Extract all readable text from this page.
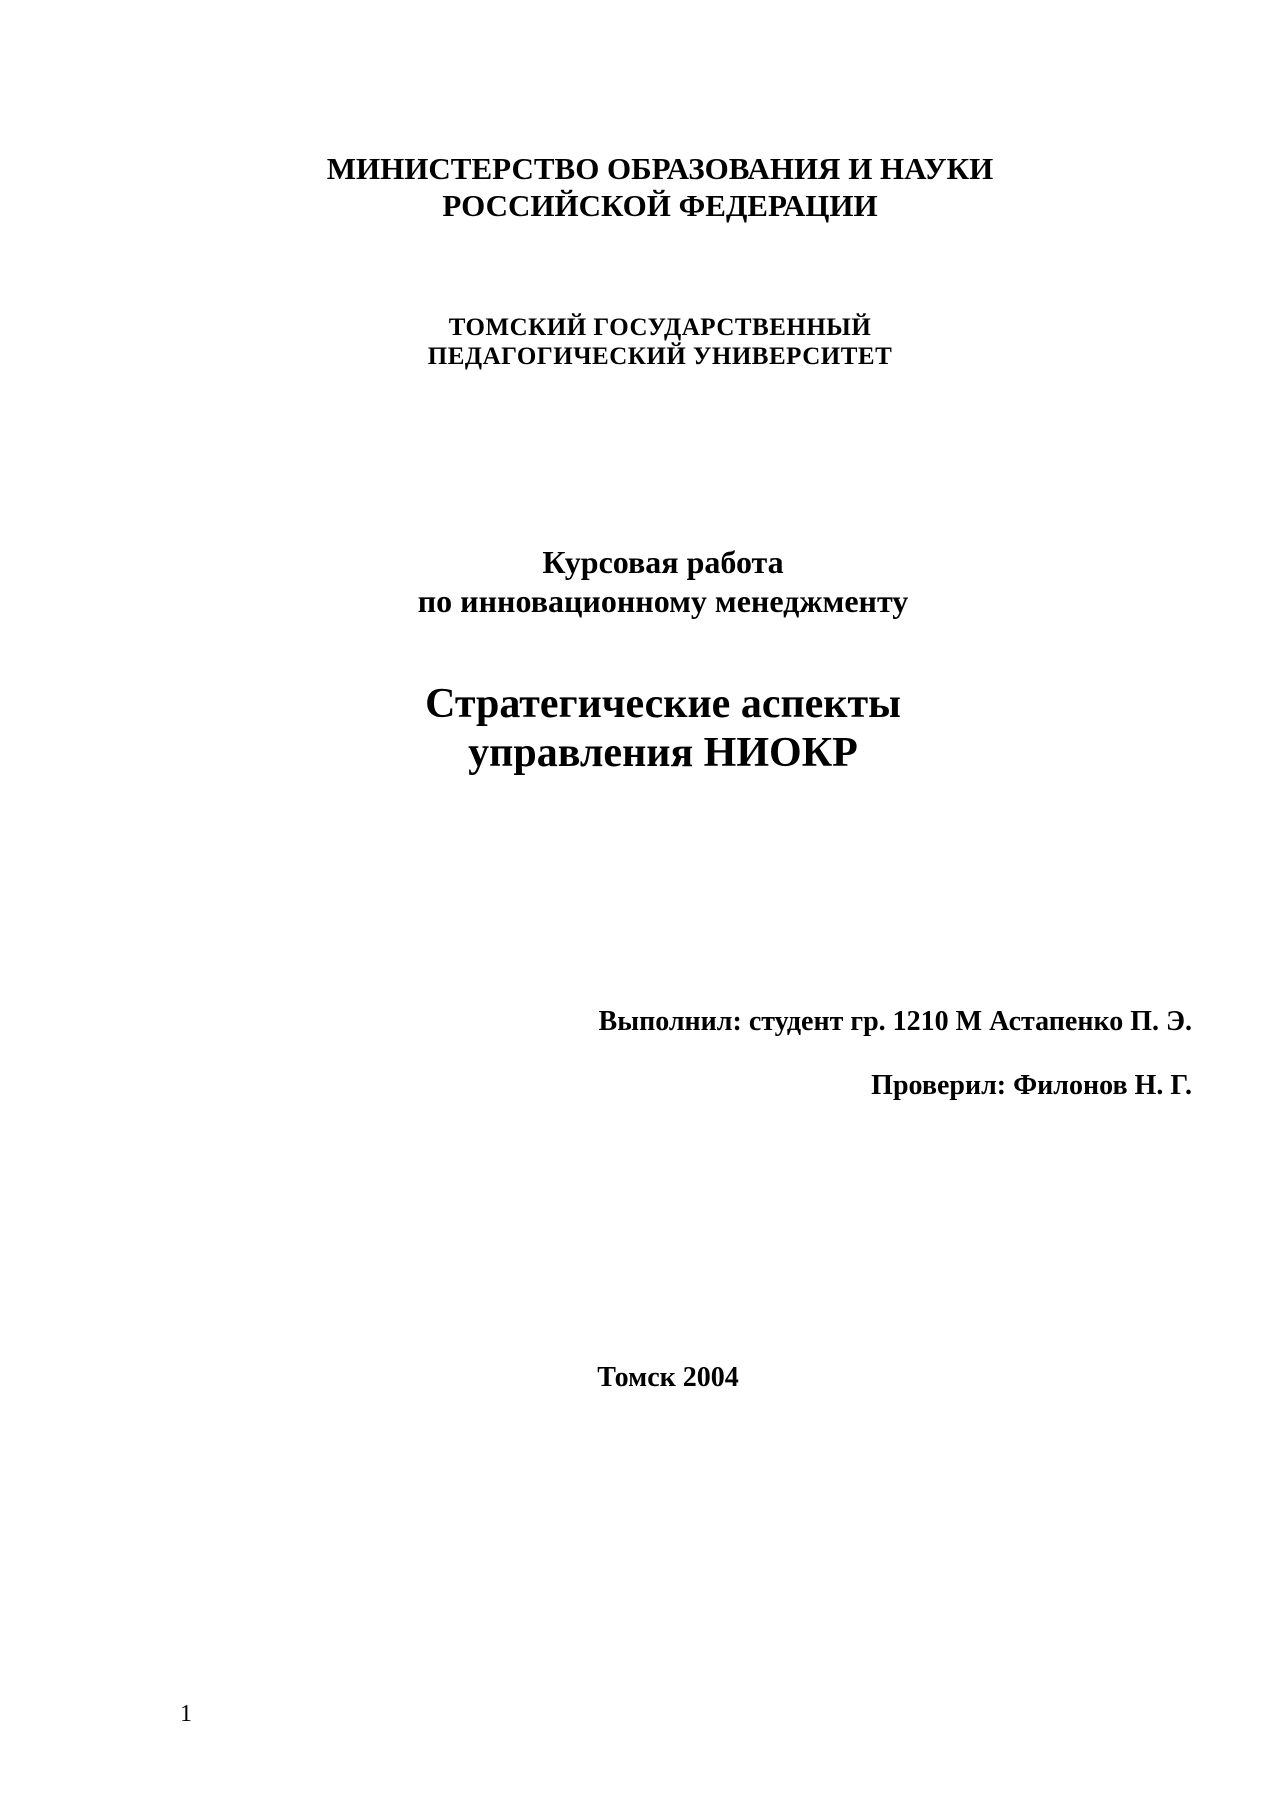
МИНИСТЕРСТВО ОБРАЗОВАНИЯ И НАУКИ
РОССИЙСКОЙ ФЕДЕРАЦИИ
ТОМСКИЙ ГОСУДАРСТВЕННЫЙ
ПЕДАГОГИЧЕСКИЙ УНИВЕРСИТЕТ
Курсовая работа
по инновационному менеджменту
Стратегические аспекты
управления НИОКР
Выполнил: студент гр. 1210 М Астапенко П. Э.
Проверил: Филонов Н. Г.
Томск 2004
1
